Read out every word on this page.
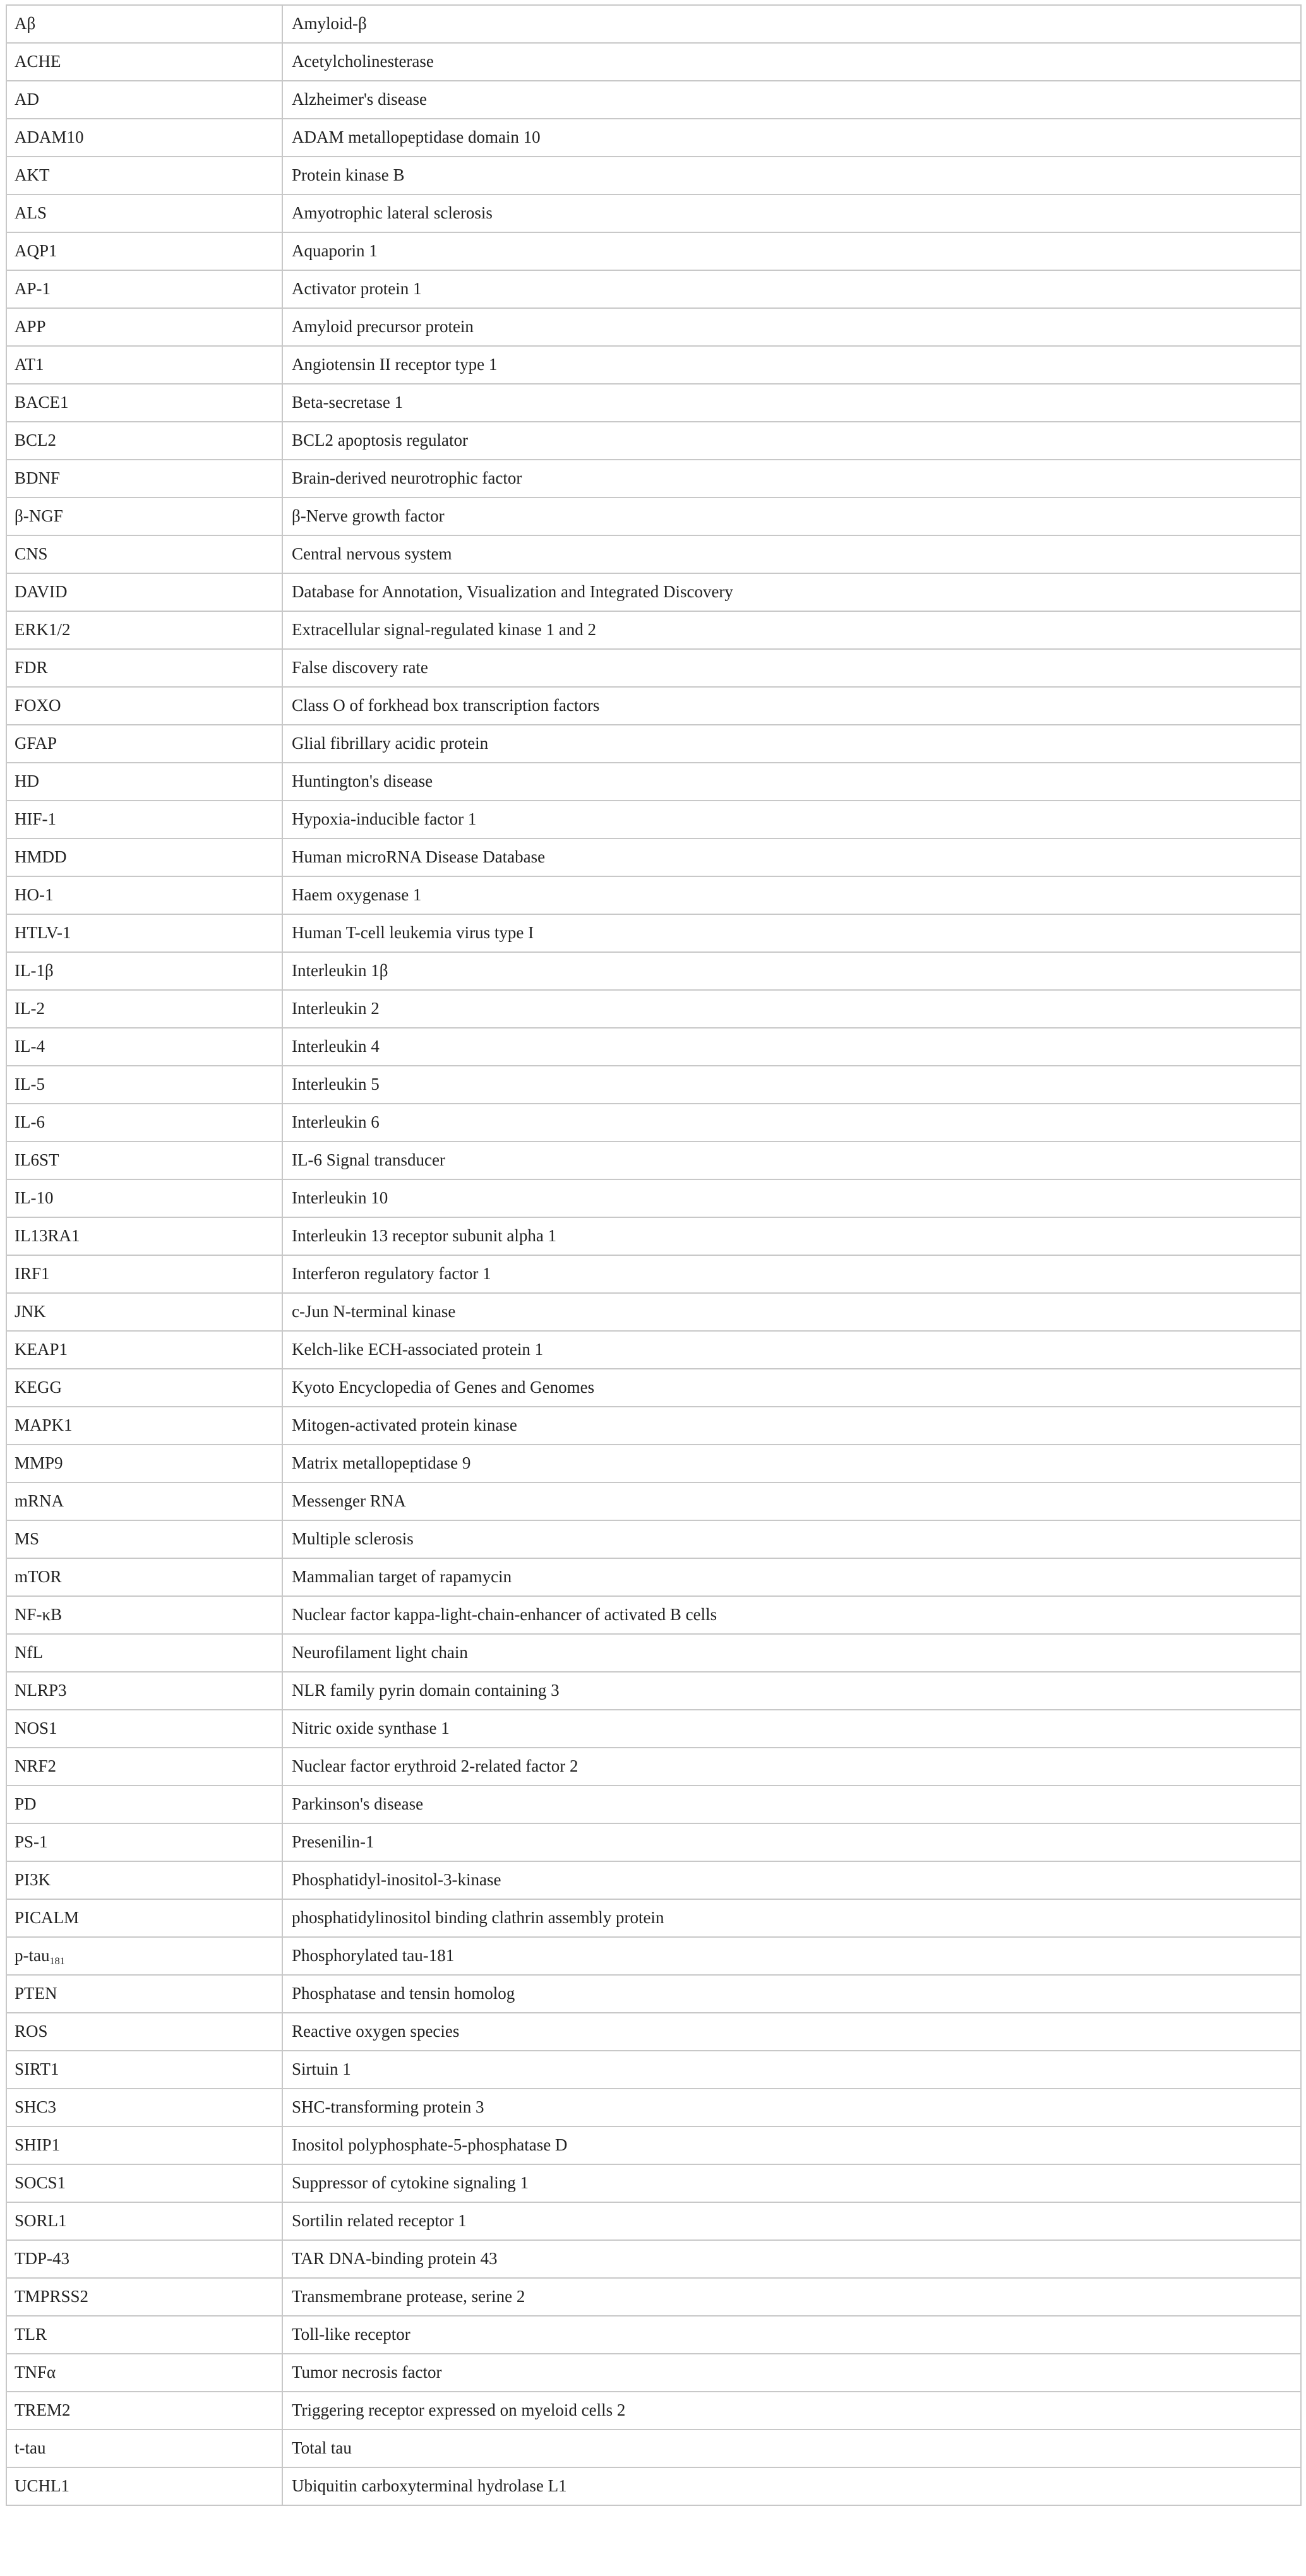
Aβ	Amyloid-β
ACHE	Acetylcholinesterase
AD	Alzheimer's disease
ADAM10	ADAM metallopeptidase domain 10
AKT	Protein kinase B
ALS	Amyotrophic lateral sclerosis
AQP1	Aquaporin 1
AP-1	Activator protein 1
APP	Amyloid precursor protein
AT1	Angiotensin II receptor type 1
BACE1	Beta-secretase 1
BCL2	BCL2 apoptosis regulator
BDNF	Brain-derived neurotrophic factor
β-NGF	β-Nerve growth factor
CNS	Central nervous system
DAVID	Database for Annotation, Visualization and Integrated Discovery
ERK1/2	Extracellular signal-regulated kinase 1 and 2
FDR	False discovery rate
FOXO	Class O of forkhead box transcription factors
GFAP	Glial fibrillary acidic protein
HD	Huntington's disease
HIF-1	Hypoxia-inducible factor 1
HMDD	Human microRNA Disease Database
HO-1	Haem oxygenase 1
HTLV-1	Human T-cell leukemia virus type I
IL-1β	Interleukin 1β
IL-2	Interleukin 2
IL-4	Interleukin 4
IL-5	Interleukin 5
IL-6	Interleukin 6
IL6ST	IL-6 Signal transducer
IL-10	Interleukin 10
IL13RA1	Interleukin 13 receptor subunit alpha 1
IRF1	Interferon regulatory factor 1
JNK	c-Jun N-terminal kinase
KEAP1	Kelch-like ECH-associated protein 1
KEGG	Kyoto Encyclopedia of Genes and Genomes
MAPK1	Mitogen-activated protein kinase
MMP9	Matrix metallopeptidase 9
mRNA	Messenger RNA
MS	Multiple sclerosis
mTOR	Mammalian target of rapamycin
NF-κB	Nuclear factor kappa-light-chain-enhancer of activated B cells
NfL	Neurofilament light chain
NLRP3	NLR family pyrin domain containing 3
NOS1	Nitric oxide synthase 1
NRF2	Nuclear factor erythroid 2-related factor 2
PD	Parkinson's disease
PS-1	Presenilin-1
PI3K	Phosphatidyl-inositol-3-kinase
PICALM	phosphatidylinositol binding clathrin assembly protein
p-tau$_{181}$	Phosphorylated tau-181
PTEN	Phosphatase and tensin homolog
ROS	Reactive oxygen species
SIRT1	Sirtuin 1
SHC3	SHC-transforming protein 3
SHIP1	Inositol polyphosphate-5-phosphatase D
SOCS1	Suppressor of cytokine signaling 1
SORL1	Sortilin related receptor 1
TDP-43	TAR DNA-binding protein 43
TMPRSS2	Transmembrane protease, serine 2
TLR	Toll-like receptor
TNFα	Tumor necrosis factor
TREM2	Triggering receptor expressed on myeloid cells 2
t-tau	Total tau
UCHL1	Ubiquitin carboxyterminal hydrolase L1
